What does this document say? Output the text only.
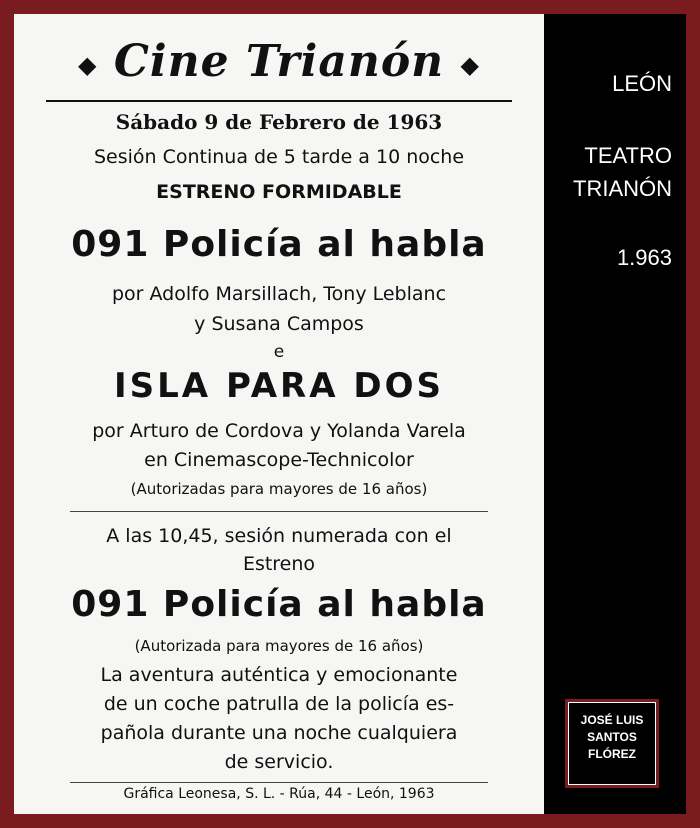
◆ Cine Trianón ◆
Sábado 9 de Febrero de 1963
Sesión Continua de 5 tarde a 10 noche
ESTRENO FORMIDABLE
091 Policía al habla
por Adolfo Marsillach, Tony Leblanc
y Susana Campos
e
ISLA PARA DOS
por Arturo de Cordova y Yolanda Varela
en Cinemascope-Technicolor
(Autorizadas para mayores de 16 años)
A las 10,45, sesión numerada con el
Estreno
091 Policía al habla
(Autorizada para mayores de 16 años)
La aventura auténtica y emocionante
de un coche patrulla de la policía es-
pañola durante una noche cualquiera
de servicio.
Gráfica Leonesa, S. L. - Rúa, 44 - León, 1963
LEÓN
TEATRO
TRIANÓN
1.963
JOSÉ LUIS
SANTOS
FLÓREZ
